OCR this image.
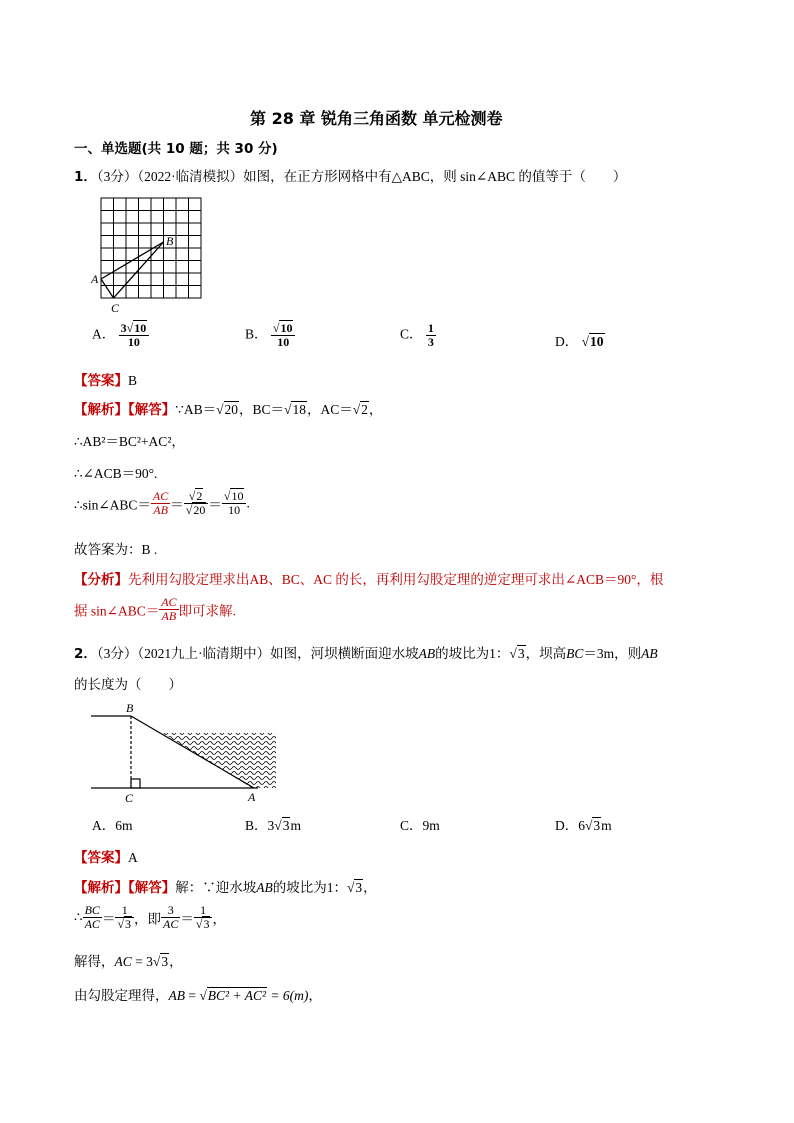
第 28 章 锐角三角函数 单元检测卷
一、单选题(共 10 题；共 30 分)
1．（3分）（2022·临清模拟）如图，在正方形网格中有△ABC，则 sin∠ABC 的值等于（　　）
A
B
C
A． $\frac{3√10}{10}$	B． $\frac{√10}{10}$	C． $\frac{1}{3}$	D． √10
【答案】B
【解析】【解答】∵AB＝√20，BC＝√18，AC＝√2，
∴AB²＝BC²+AC²，
∴∠ACB＝90°.
∴sin∠ABC＝ $\frac{AC}{AB} = \frac{√2}{√20} = \frac{√10}{10}$ .
故答案为：B .
【分析】先利用勾股定理求出AB、BC、AC 的长，再利用勾股定理的逆定理可求出∠ACB＝90°，根
据 sin∠ABC＝ $\frac{AC}{AB}$ 即可求解.
2．（3分）（2021九上·临清期中）如图，河坝横断面迎水坡AB的坡比为1：√3，坝高BC＝3m，则AB
的长度为（　　）
B
C	A
A．6m	B．3√3m	C．9m	D．6√3m
【答案】A
【解析】【解答】解：∵迎水坡AB的坡比为1：√3，
∴ $\frac{BC}{AC} = \frac{1}{√3}$ ，即 $\frac{3}{AC} = \frac{1}{√3}$ ，
解得，AC = 3√3，
由勾股定理得，AB = √BC² + AC² = 6(m)，
